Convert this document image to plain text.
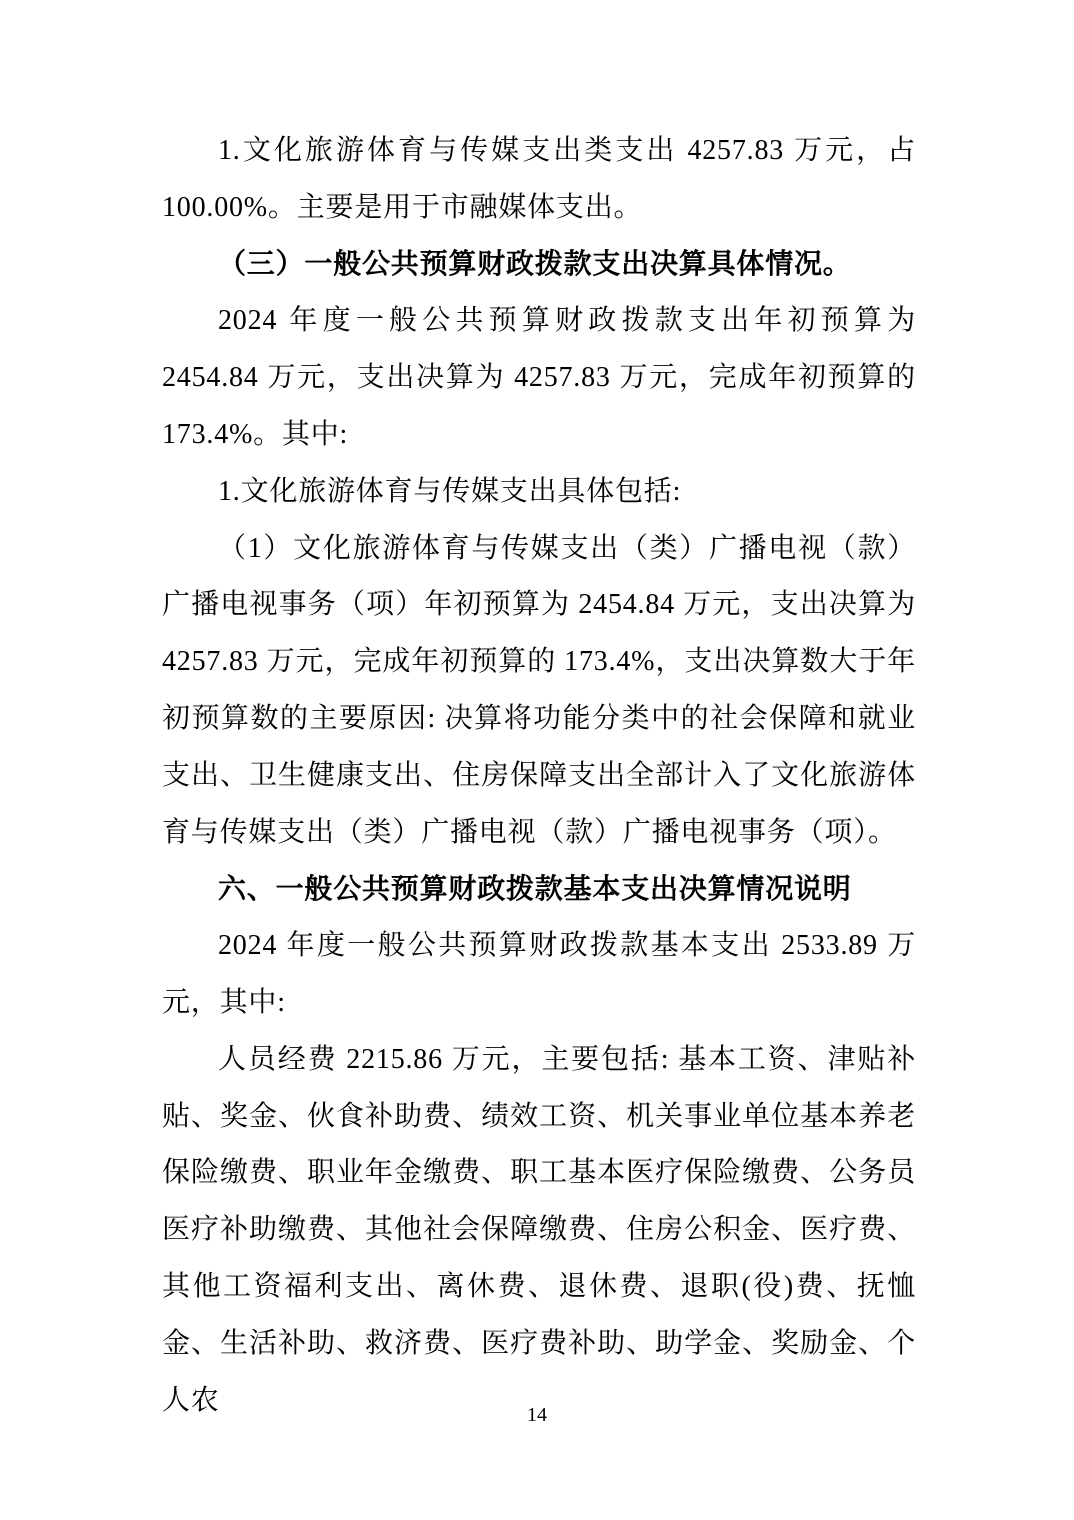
1.文化旅游体育与传媒支出类支出 4257.83 万元，占100.00%。主要是用于市融媒体支出。

（三）一般公共预算财政拨款支出决算具体情况。

2024 年度一般公共预算财政拨款支出年初预算为 2454.84 万元，支出决算为 4257.83 万元，完成年初预算的 173.4%。其中:

1.文化旅游体育与传媒支出具体包括:

（1）文化旅游体育与传媒支出（类）广播电视（款）广播电视事务（项）年初预算为 2454.84 万元，支出决算为 4257.83 万元，完成年初预算的 173.4%，支出决算数大于年初预算数的主要原因: 决算将功能分类中的社会保障和就业支出、卫生健康支出、住房保障支出全部计入了文化旅游体育与传媒支出（类）广播电视（款）广播电视事务（项）。

六、一般公共预算财政拨款基本支出决算情况说明

2024 年度一般公共预算财政拨款基本支出 2533.89 万元，其中:

人员经费 2215.86 万元，主要包括: 基本工资、津贴补贴、奖金、伙食补助费、绩效工资、机关事业单位基本养老保险缴费、职业年金缴费、职工基本医疗保险缴费、公务员医疗补助缴费、其他社会保障缴费、住房公积金、医疗费、其他工资福利支出、离休费、退休费、退职(役)费、抚恤金、生活补助、救济费、医疗费补助、助学金、奖励金、个人农	14
